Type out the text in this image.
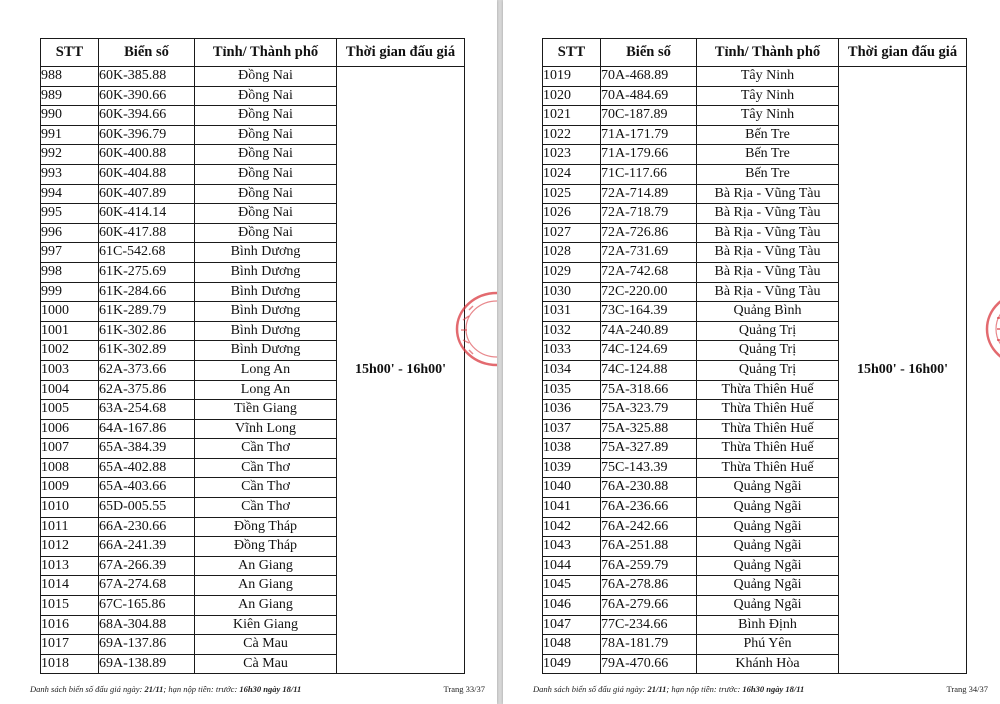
STT	Biển số	Tỉnh/ Thành phố	Thời gian đấu giá
988	60K-385.88	Đồng Nai	15h00' - 16h00'
989	60K-390.66	Đồng Nai	
990	60K-394.66	Đồng Nai	
991	60K-396.79	Đồng Nai	
992	60K-400.88	Đồng Nai	
993	60K-404.88	Đồng Nai	
994	60K-407.89	Đồng Nai	
995	60K-414.14	Đồng Nai	
996	60K-417.88	Đồng Nai	
997	61C-542.68	Bình Dương	
998	61K-275.69	Bình Dương	
999	61K-284.66	Bình Dương	
1000	61K-289.79	Bình Dương	
1001	61K-302.86	Bình Dương	
1002	61K-302.89	Bình Dương	
1003	62A-373.66	Long An	
1004	62A-375.86	Long An	
1005	63A-254.68	Tiền Giang	
1006	64A-167.86	Vĩnh Long	
1007	65A-384.39	Cần Thơ	
1008	65A-402.88	Cần Thơ	
1009	65A-403.66	Cần Thơ	
1010	65D-005.55	Cần Thơ	
1011	66A-230.66	Đồng Tháp	
1012	66A-241.39	Đồng Tháp	
1013	67A-266.39	An Giang	
1014	67A-274.68	An Giang	
1015	67C-165.86	An Giang	
1016	68A-304.88	Kiên Giang	
1017	69A-137.86	Cà Mau	
1018	69A-138.89	Cà Mau	
Danh sách biển số đấu giá ngày: 21/11; hạn nộp tiền: trước: 16h30 ngày 18/11	Trang 33/37
STT	Biển số	Tỉnh/ Thành phố	Thời gian đấu giá
1019	70A-468.89	Tây Ninh	15h00' - 16h00'
1020	70A-484.69	Tây Ninh	
1021	70C-187.89	Tây Ninh	
1022	71A-171.79	Bến Tre	
1023	71A-179.66	Bến Tre	
1024	71C-117.66	Bến Tre	
1025	72A-714.89	Bà Rịa - Vũng Tàu	
1026	72A-718.79	Bà Rịa - Vũng Tàu	
1027	72A-726.86	Bà Rịa - Vũng Tàu	
1028	72A-731.69	Bà Rịa - Vũng Tàu	
1029	72A-742.68	Bà Rịa - Vũng Tàu	
1030	72C-220.00	Bà Rịa - Vũng Tàu	
1031	73C-164.39	Quảng Bình	
1032	74A-240.89	Quảng Trị	
1033	74C-124.69	Quảng Trị	
1034	74C-124.88	Quảng Trị	
1035	75A-318.66	Thừa Thiên Huế	
1036	75A-323.79	Thừa Thiên Huế	
1037	75A-325.88	Thừa Thiên Huế	
1038	75A-327.89	Thừa Thiên Huế	
1039	75C-143.39	Thừa Thiên Huế	
1040	76A-230.88	Quảng Ngãi	
1041	76A-236.66	Quảng Ngãi	
1042	76A-242.66	Quảng Ngãi	
1043	76A-251.88	Quảng Ngãi	
1044	76A-259.79	Quảng Ngãi	
1045	76A-278.86	Quảng Ngãi	
1046	76A-279.66	Quảng Ngãi	
1047	77C-234.66	Bình Định	
1048	78A-181.79	Phú Yên	
1049	79A-470.66	Khánh Hòa	
Danh sách biển số đấu giá ngày: 21/11; hạn nộp tiền: trước: 16h30 ngày 18/11	Trang 34/37
